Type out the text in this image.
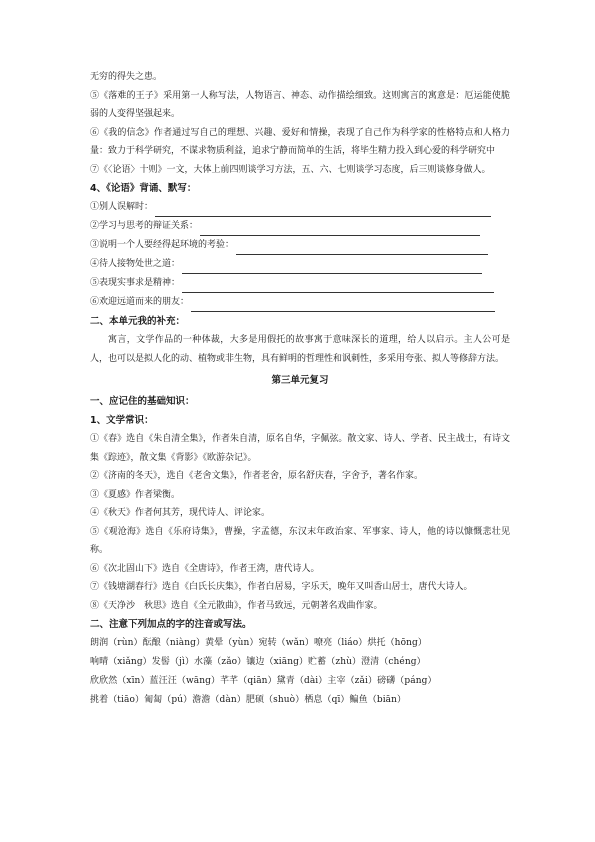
无穷的得失之患。

⑤《落难的王子》采用第一人称写法，人物语言、神态、动作描绘细致。这则寓言的寓意是：厄运能使脆弱的人变得坚强起来。

⑥《我的信念》作者通过写自己的理想、兴趣、爱好和情操，表现了自己作为科学家的性格特点和人格力量：致力于科学研究，不谋求物质利益，追求宁静而简单的生活，将毕生精力投入到心爱的科学研究中

⑦《〈论语〉十则》一文，大体上前四则谈学习方法，五、六、七则谈学习态度，后三则谈修身做人。

4、《论语》背诵、默写：

①别人误解时：
②学习与思考的辩证关系：
③说明一个人要经得起环境的考验：
④待人接物处世之道：
⑤表现实事求是精神：
⑥欢迎远道而来的朋友：

二、本单元我的补充：

寓言，文学作品的一种体裁，大多是用假托的故事寓于意味深长的道理，给人以启示。主人公可是人，也可以是拟人化的动、植物或非生物，具有鲜明的哲理性和讽刺性，多采用夸张、拟人等修辞方法。

第三单元复习

一、应记住的基础知识：

1、文学常识：

①《春》选自《朱自清全集》，作者朱自清，原名自华，字佩弦。散文家、诗人、学者、民主战士，有诗文集《踪迹》，散文集《背影》《欧游杂记》。

②《济南的冬天》，选自《老舍文集》，作者老舍，原名舒庆春，字舍予，著名作家。

③《夏感》作者梁衡。

④《秋天》作者何其芳，现代诗人、评论家。

⑤《观沧海》选自《乐府诗集》，曹操，字孟德，东汉末年政治家、军事家、诗人，他的诗以慷慨悲壮见称。

⑥《次北固山下》选自《全唐诗》，作者王湾，唐代诗人。

⑦《钱塘湖春行》选自《白氏长庆集》，作者白居易，字乐天，晚年又叫香山居士，唐代大诗人。

⑧《天净沙　秋思》选自《全元散曲》，作者马致远，元朝著名戏曲作家。

二、注意下列加点的字的注音或写法。

朗润（rùn）酝酿（niàng）黄晕（yùn）宛转（wǎn）嘹亮（liáo）烘托（hōng）

响晴（xiǎng）发髻（jì）水藻（zǎo）镶边（xiāng）贮蓄（zhù）澄清（chéng）

欣欣然（xīn）蓝汪汪（wāng）芊芊（qiān）黛青（dài）主宰（zǎi）磅礴（páng）

挑着（tiāo）匍匐（pú）澹澹（dàn）肥硕（shuò）栖息（qī）鳊鱼（biān）
